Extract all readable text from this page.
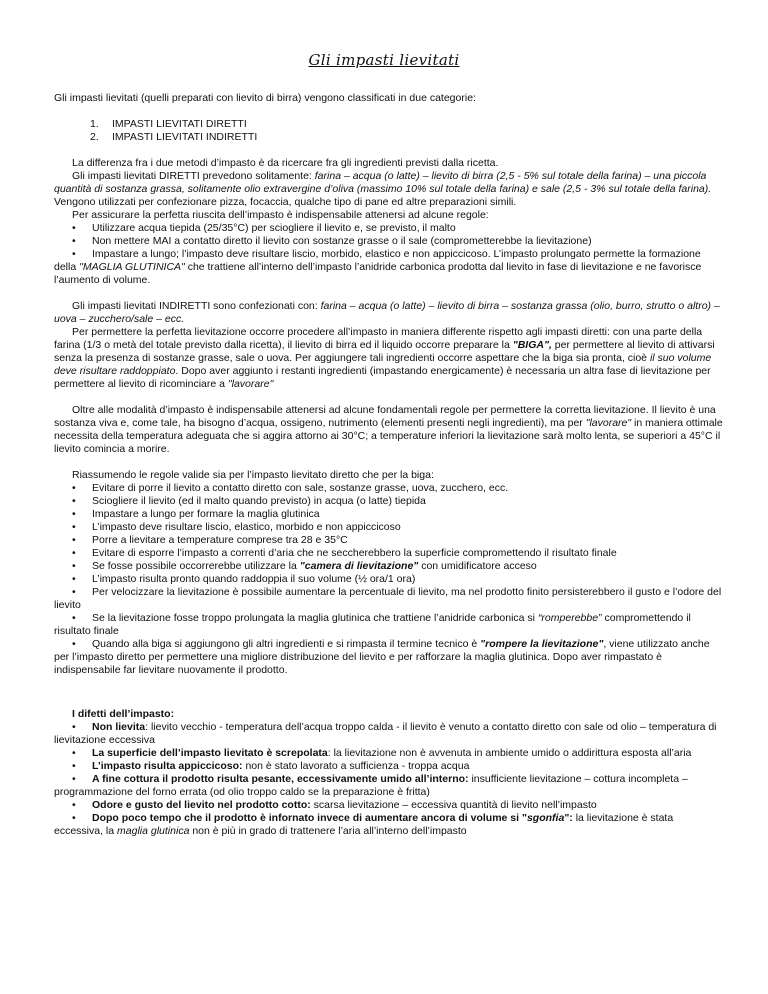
Gli impasti lievitati

Gli impasti lievitati (quelli preparati con lievito di birra) vengono classificati in due categorie:

1. IMPASTI LIEVITATI DIRETTI

2. IMPASTI LIEVITATI INDIRETTI

La differenza fra i due metodi d’impasto è da ricercare fra gli ingredienti previsti dalla ricetta.

Gli impasti lievitati DIRETTI prevedono solitamente: farina – acqua (o latte) – lievito di birra (2,5 - 5% sul totale della farina) – una piccola

quantità di sostanza grassa, solitamente olio extravergine d’oliva (massimo 10% sul totale della farina) e sale (2,5 - 3% sul totale della farina).

Vengono utilizzati per confezionare pizza, focaccia, qualche tipo di pane ed altre preparazioni simili.

Per assicurare la perfetta riuscita dell’impasto è indispensabile attenersi ad alcune regole:

• Utilizzare acqua tiepida (25/35°C) per sciogliere il lievito e, se previsto, il malto

• Non mettere MAI a contatto diretto il lievito con sostanze grasse o il sale (comprometterebbe la lievitazione)

• Impastare a lungo; l’impasto deve risultare liscio, morbido, elastico e non appiccicoso. L’impasto prolungato permette la formazione

della "MAGLIA GLUTINICA" che trattiene all’interno dell’impasto l’anidride carbonica prodotta dal lievito in fase di lievitazione e ne favorisce

l’aumento di volume.

Gli impasti lievitati INDIRETTI sono confezionati con: farina – acqua (o latte) – lievito di birra – sostanza grassa (olio, burro, strutto o altro) –

uova – zucchero/sale – ecc.

Per permettere la perfetta lievitazione occorre procedere all’impasto in maniera differente rispetto agli impasti diretti: con una parte della

farina (1/3 o metà del totale previsto dalla ricetta), il lievito di birra ed il liquido occorre preparare la "BIGA", per permettere al lievito di attivarsi

senza la presenza di sostanze grasse, sale o uova. Per aggiungere tali ingredienti occorre aspettare che la biga sia pronta, cioè il suo volume

deve risultare raddoppiato. Dopo aver aggiunto i restanti ingredienti (impastando energicamente) è necessaria un altra fase di lievitazione per

permettere al lievito di ricominciare a "lavorare"

Oltre alle modalità d’impasto è indispensabile attenersi ad alcune fondamentali regole per permettere la corretta lievitazione. Il lievito è una

sostanza viva e, come tale, ha bisogno d’acqua, ossigeno, nutrimento (elementi presenti negli ingredienti), ma per "lavorare" in maniera ottimale

necessita della temperatura adeguata che si aggira attorno ai 30°C; a temperature inferiori la lievitazione sarà molto lenta, se superiori a 45°C il

lievito comincia a morire.

Riassumendo le regole valide sia per l’impasto lievitato diretto che per la biga:

• Evitare di porre il lievito a contatto diretto con sale, sostanze grasse, uova, zucchero, ecc.

• Sciogliere il lievito (ed il malto quando previsto) in acqua (o latte) tiepida

• Impastare a lungo per formare la maglia glutinica

• L’impasto deve risultare liscio, elastico, morbido e non appiccicoso

• Porre a lievitare a temperature comprese tra 28 e 35°C

• Evitare di esporre l’impasto a correnti d’aria che ne seccherebbero la superficie compromettendo il risultato finale

• Se fosse possibile occorrerebbe utilizzare la "camera di lievitazione" con umidificatore acceso

• L’impasto risulta pronto quando raddoppia il suo volume (½ ora/1 ora)

• Per velocizzare la lievitazione è possibile aumentare la percentuale di lievito, ma nel prodotto finito persisterebbero il gusto e l’odore del

lievito

• Se la lievitazione fosse troppo prolungata la maglia glutinica che trattiene l’anidride carbonica si “romperebbe” compromettendo il

risultato finale

• Quando alla biga si aggiungono gli altri ingredienti e si rimpasta il termine tecnico è "rompere la lievitazione", viene utilizzato anche

per l’impasto diretto per permettere una migliore distribuzione del lievito e per rafforzare la maglia glutinica. Dopo aver rimpastato è

indispensabile far lievitare nuovamente il prodotto.

I difetti dell’impasto:

• Non lievita: lievito vecchio - temperatura dell’acqua troppo calda - il lievito è venuto a contatto diretto con sale od olio – temperatura di

lievitazione eccessiva

• La superficie dell’impasto lievitato è screpolata: la lievitazione non è avvenuta in ambiente umido o addirittura esposta all’aria

• L’impasto risulta appiccicoso: non è stato lavorato a sufficienza - troppa acqua

• A fine cottura il prodotto risulta pesante, eccessivamente umido all’interno: insufficiente lievitazione – cottura incompleta –

programmazione del forno errata (od olio troppo caldo se la preparazione è fritta)

• Odore e gusto del lievito nel prodotto cotto: scarsa lievitazione – eccessiva quantità di lievito nell’impasto

• Dopo poco tempo che il prodotto è infornato invece di aumentare ancora di volume si "sgonfia": la lievitazione è stata

eccessiva, la maglia glutinica non è più in grado di trattenere l’aria all’interno dell’impasto
